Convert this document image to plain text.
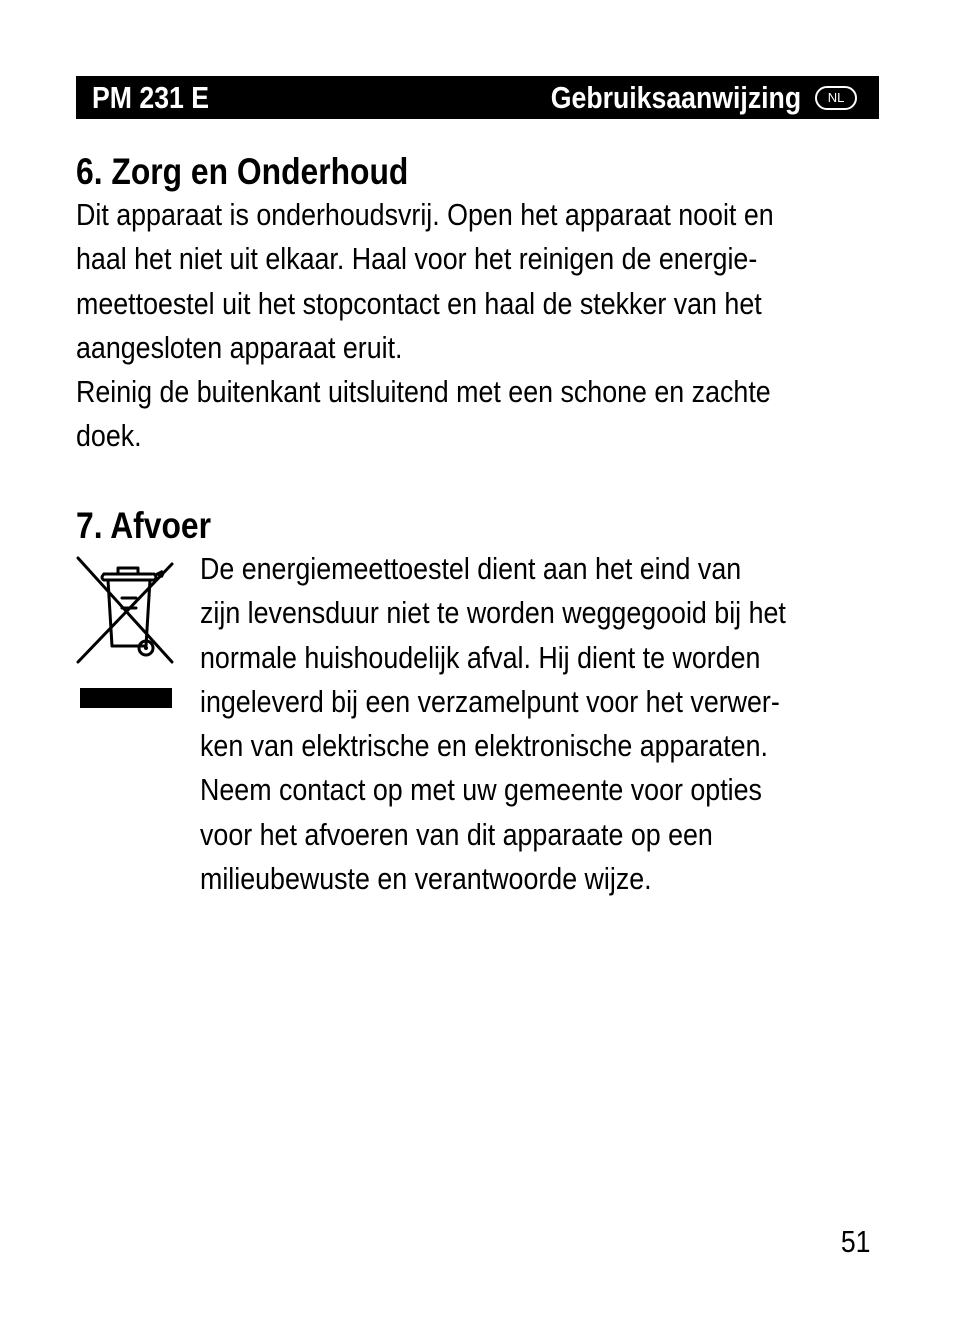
PM 231 E	Gebruiksaanwijzing	NL
6. Zorg en Onderhoud
Dit apparaat is onderhoudsvrij. Open het apparaat nooit en
haal het niet uit elkaar. Haal voor het reinigen de energie-
meettoestel uit het stopcontact en haal de stekker van het
aangesloten apparaat eruit.
Reinig de buitenkant uitsluitend met een schone en zachte
doek.
7. Afvoer
De energiemeettoestel dient aan het eind van
zijn levensduur niet te worden weggegooid bij het
normale huishoudelijk afval. Hij dient te worden
ingeleverd bij een verzamelpunt voor het verwer-
ken van elektrische en elektronische apparaten.
Neem contact op met uw gemeente voor opties
voor het afvoeren van dit apparaate op een
milieubewuste en verantwoorde wijze.
51
